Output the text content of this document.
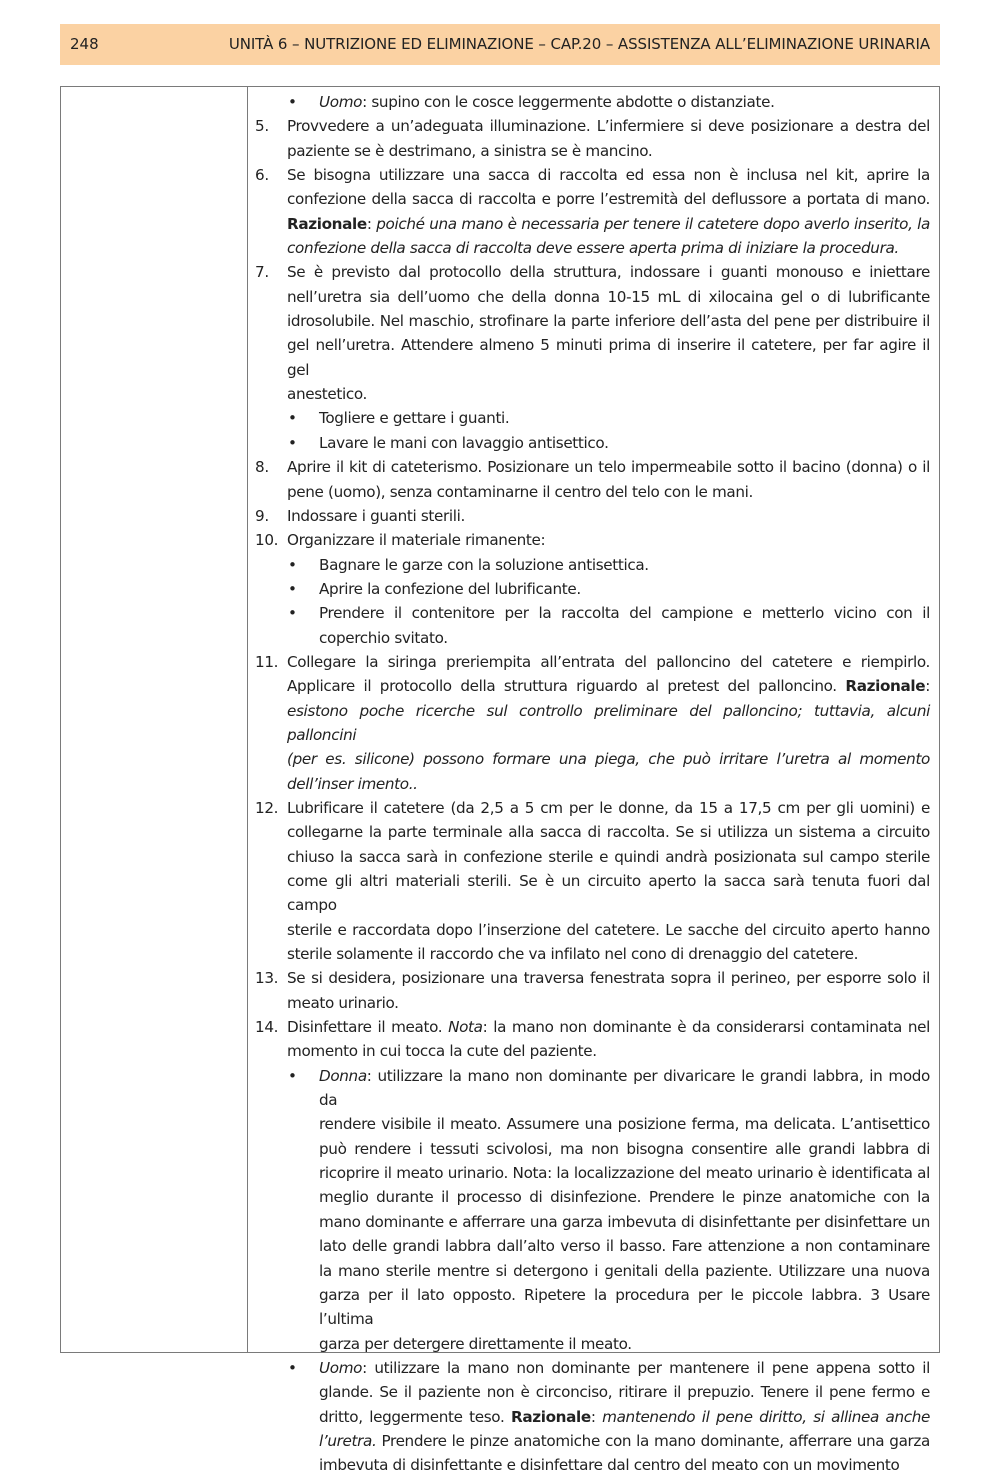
248	UNITÀ 6 – NUTRIZIONE ED ELIMINAZIONE – CAP.20 – ASSISTENZA ALL’ELIMINAZIONE URINARIA
• Uomo: supino con le cosce leggermente abdotte o distanziate.
5.	Provvedere a un’adeguata illuminazione. L’infermiere si deve posizionare a destra del
paziente se è destrimano, a sinistra se è mancino.
6.	Se bisogna utilizzare una sacca di raccolta ed essa non è inclusa nel kit, aprire la
confezione della sacca di raccolta e porre l’estremità del deflussore a portata di mano.
Razionale: poiché una mano è necessaria per tenere il catetere dopo averlo inserito, la
confezione della sacca di raccolta deve essere aperta prima di iniziare la procedura.
7.	Se è previsto dal protocollo della struttura, indossare i guanti monouso e iniettare
nell’uretra sia dell’uomo che della donna 10-15 mL di xilocaina gel o di lubrificante
idrosolubile. Nel maschio, strofinare la parte inferiore dell’asta del pene per distribuire il
gel nell’uretra. Attendere almeno 5 minuti prima di inserire il catetere, per far agire il gel
anestetico.
• Togliere e gettare i guanti.
• Lavare le mani con lavaggio antisettico.
8.	Aprire il kit di cateterismo. Posizionare un telo impermeabile sotto il bacino (donna) o il
pene (uomo), senza contaminarne il centro del telo con le mani.
9.	Indossare i guanti sterili.
10. Organizzare il materiale rimanente:
• Bagnare le garze con la soluzione antisettica.
• Aprire la confezione del lubrificante.
• Prendere il contenitore per la raccolta del campione e metterlo vicino con il
coperchio svitato.
11. Collegare la siringa preriempita all’entrata del palloncino del catetere e riempirlo.
Applicare il protocollo della struttura riguardo al pretest del palloncino. Razionale:
esistono poche ricerche sul controllo preliminare del palloncino; tuttavia, alcuni palloncini
(per es. silicone) possono formare una piega, che può irritare l’uretra al momento
dell’inser imento..
12. Lubrificare il catetere (da 2,5 a 5 cm per le donne, da 15 a 17,5 cm per gli uomini) e
collegarne la parte terminale alla sacca di raccolta. Se si utilizza un sistema a circuito
chiuso la sacca sarà in confezione sterile e quindi andrà posizionata sul campo sterile
come gli altri materiali sterili. Se è un circuito aperto la sacca sarà tenuta fuori dal campo
sterile e raccordata dopo l’inserzione del catetere. Le sacche del circuito aperto hanno
sterile solamente il raccordo che va infilato nel cono di drenaggio del catetere.
13. Se si desidera, posizionare una traversa fenestrata sopra il perineo, per esporre solo il
meato urinario.
14. Disinfettare il meato. Nota: la mano non dominante è da considerarsi contaminata nel
momento in cui tocca la cute del paziente.
• Donna: utilizzare la mano non dominante per divaricare le grandi labbra, in modo da
rendere visibile il meato. Assumere una posizione ferma, ma delicata. L’antisettico
può rendere i tessuti scivolosi, ma non bisogna consentire alle grandi labbra di
ricoprire il meato urinario. Nota: la localizzazione del meato urinario è identificata al
meglio durante il processo di disinfezione. Prendere le pinze anatomiche con la
mano dominante e afferrare una garza imbevuta di disinfettante per disinfettare un
lato delle grandi labbra dall’alto verso il basso. Fare attenzione a non contaminare
la mano sterile mentre si detergono i genitali della paziente. Utilizzare una nuova
garza per il lato opposto. Ripetere la procedura per le piccole labbra. 3 Usare l’ultima
garza per detergere direttamente il meato.
• Uomo: utilizzare la mano non dominante per mantenere il pene appena sotto il
glande. Se il paziente non è circonciso, ritirare il prepuzio. Tenere il pene fermo e
dritto, leggermente teso. Razionale: mantenendo il pene diritto, si allinea anche
l’uretra. Prendere le pinze anatomiche con la mano dominante, afferrare una garza
imbevuta di disinfettante e disinfettare dal centro del meato con un movimento
